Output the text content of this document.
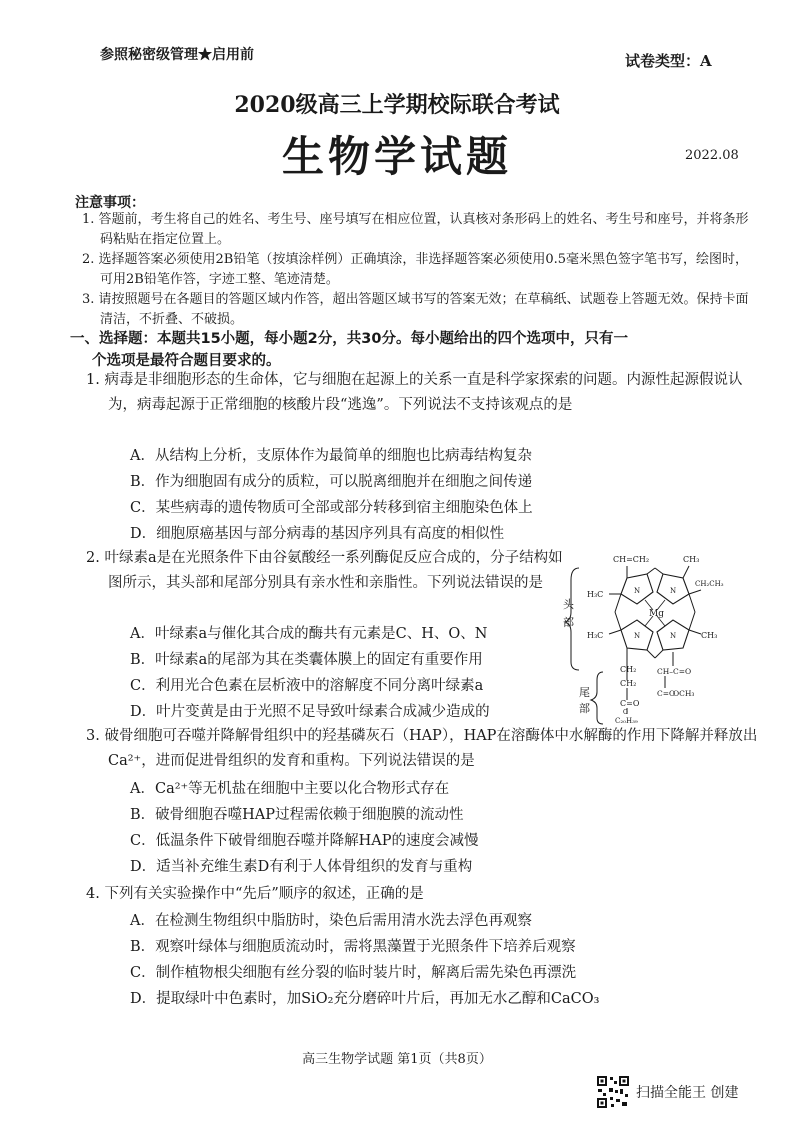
参照秘密级管理★启用前	试卷类型：A
2020级高三上学期校际联合考试
生物学试题	2022.08
注意事项：
1. 答题前，考生将自己的姓名、考生号、座号填写在相应位置，认真核对条形码上的姓名、考生号和座号，并将条形码粘贴在指定位置上。
2. 选择题答案必须使用2B铅笔（按填涂样例）正确填涂，非选择题答案必须使用0.5毫米黑色签字笔书写，绘图时，可用2B铅笔作答，字迹工整、笔迹清楚。
3. 请按照题号在各题目的答题区域内作答，超出答题区域书写的答案无效；在草稿纸、试题卷上答题无效。保持卡面清洁，不折叠、不破损。
一、选择题：本题共15小题，每小题2分，共30分。每小题给出的四个选项中，只有一
个选项是最符合题目要求的。
1. 病毒是非细胞形态的生命体，它与细胞在起源上的关系一直是科学家探索的问题。内源性起源假说认为，病毒起源于正常细胞的核酸片段“逃逸”。下列说法不支持该观点的是
A．从结构上分析，支原体作为最简单的细胞也比病毒结构复杂
B．作为细胞固有成分的质粒，可以脱离细胞并在细胞之间传递
C．某些病毒的遗传物质可全部或部分转移到宿主细胞染色体上
D．细胞原癌基因与部分病毒的基因序列具有高度的相似性
2. 叶绿素a是在光照条件下由谷氨酸经一系列酶促反应合成的，分子结构如图所示，其头部和尾部分别具有亲水性和亲脂性。下列说法错误的是
A．叶绿素a与催化其合成的酶共有元素是C、H、O、N
B．叶绿素a的尾部为其在类囊体膜上的固定有重要作用
C．利用光合色素在层析液中的溶解度不同分离叶绿素a
D．叶片变黄是由于光照不足导致叶绿素合成减少造成的
头
部
尾
部
CH=CH₂	CH₃
H₃C
Mg
CH₂CH₃
H₃C	CH₃
CH₂
CH₂
C=O
O
C₂₀H₃₉
CH–C=O
C=O
OCH₃
N	N
N	N
3. 破骨细胞可吞噬并降解骨组织中的羟基磷灰石（HAP），HAP在溶酶体中水解酶的作用下降解并释放出Ca²⁺，进而促进骨组织的发育和重构。下列说法错误的是
A．Ca²⁺等无机盐在细胞中主要以化合物形式存在
B．破骨细胞吞噬HAP过程需依赖于细胞膜的流动性
C．低温条件下破骨细胞吞噬并降解HAP的速度会减慢
D．适当补充维生素D有利于人体骨组织的发育与重构
4. 下列有关实验操作中“先后”顺序的叙述，正确的是
A．在检测生物组织中脂肪时，染色后需用清水洗去浮色再观察
B．观察叶绿体与细胞质流动时，需将黑藻置于光照条件下培养后观察
C．制作植物根尖细胞有丝分裂的临时装片时，解离后需先染色再漂洗
D．提取绿叶中色素时，加SiO₂充分磨碎叶片后，再加无水乙醇和CaCO₃
高三生物学试题 第1页（共8页）
扫描全能王 创建
